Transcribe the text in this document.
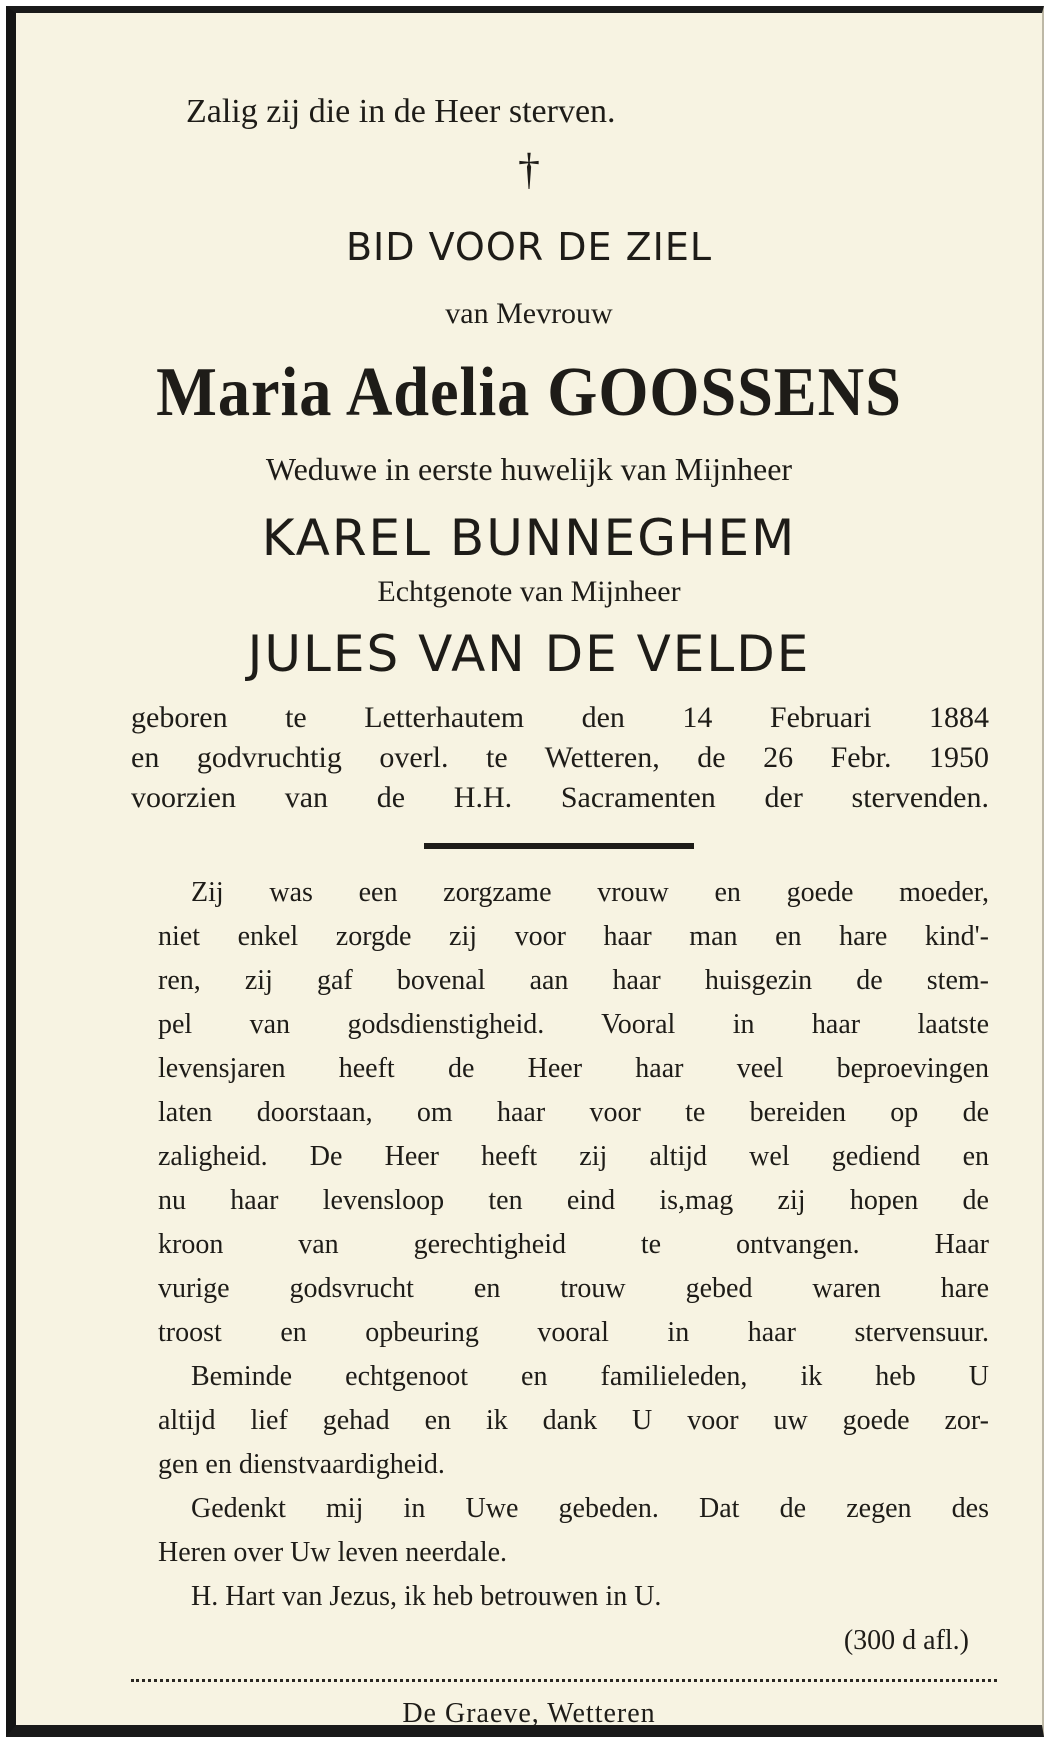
Zalig zij die in de Heer sterven.
†
BID VOOR DE ZIEL
van Mevrouw
Maria Adelia GOOSSENS
Weduwe in eerste huwelijk van Mijnheer
KAREL BUNNEGHEM
Echtgenote van Mijnheer
JULES VAN DE VELDE
geboren te Letterhautem den 14 Februari 1884
en godvruchtig overl. te Wetteren, de 26 Febr. 1950
voorzien van de H.H. Sacramenten der stervenden.
Zij was een zorgzame vrouw en goede moeder,
niet enkel zorgde zij voor haar man en hare kind'-
ren, zij gaf bovenal aan haar huisgezin de stem-
pel van godsdienstigheid. Vooral in haar laatste
levensjaren heeft de Heer haar veel beproevingen
laten doorstaan, om haar voor te bereiden op de
zaligheid. De Heer heeft zij altijd wel gediend en
nu haar levensloop ten eind is,mag zij hopen de
kroon van gerechtigheid te ontvangen. Haar
vurige godsvrucht en trouw gebed waren hare
troost en opbeuring vooral in haar stervensuur.
Beminde echtgenoot en familieleden, ik heb U
altijd lief gehad en ik dank U voor uw goede zor-
gen en dienstvaardigheid.
Gedenkt mij in Uwe gebeden. Dat de zegen des
Heren over Uw leven neerdale.
H. Hart van Jezus, ik heb betrouwen in U.
(300 d afl.)
De Graeve, Wetteren
